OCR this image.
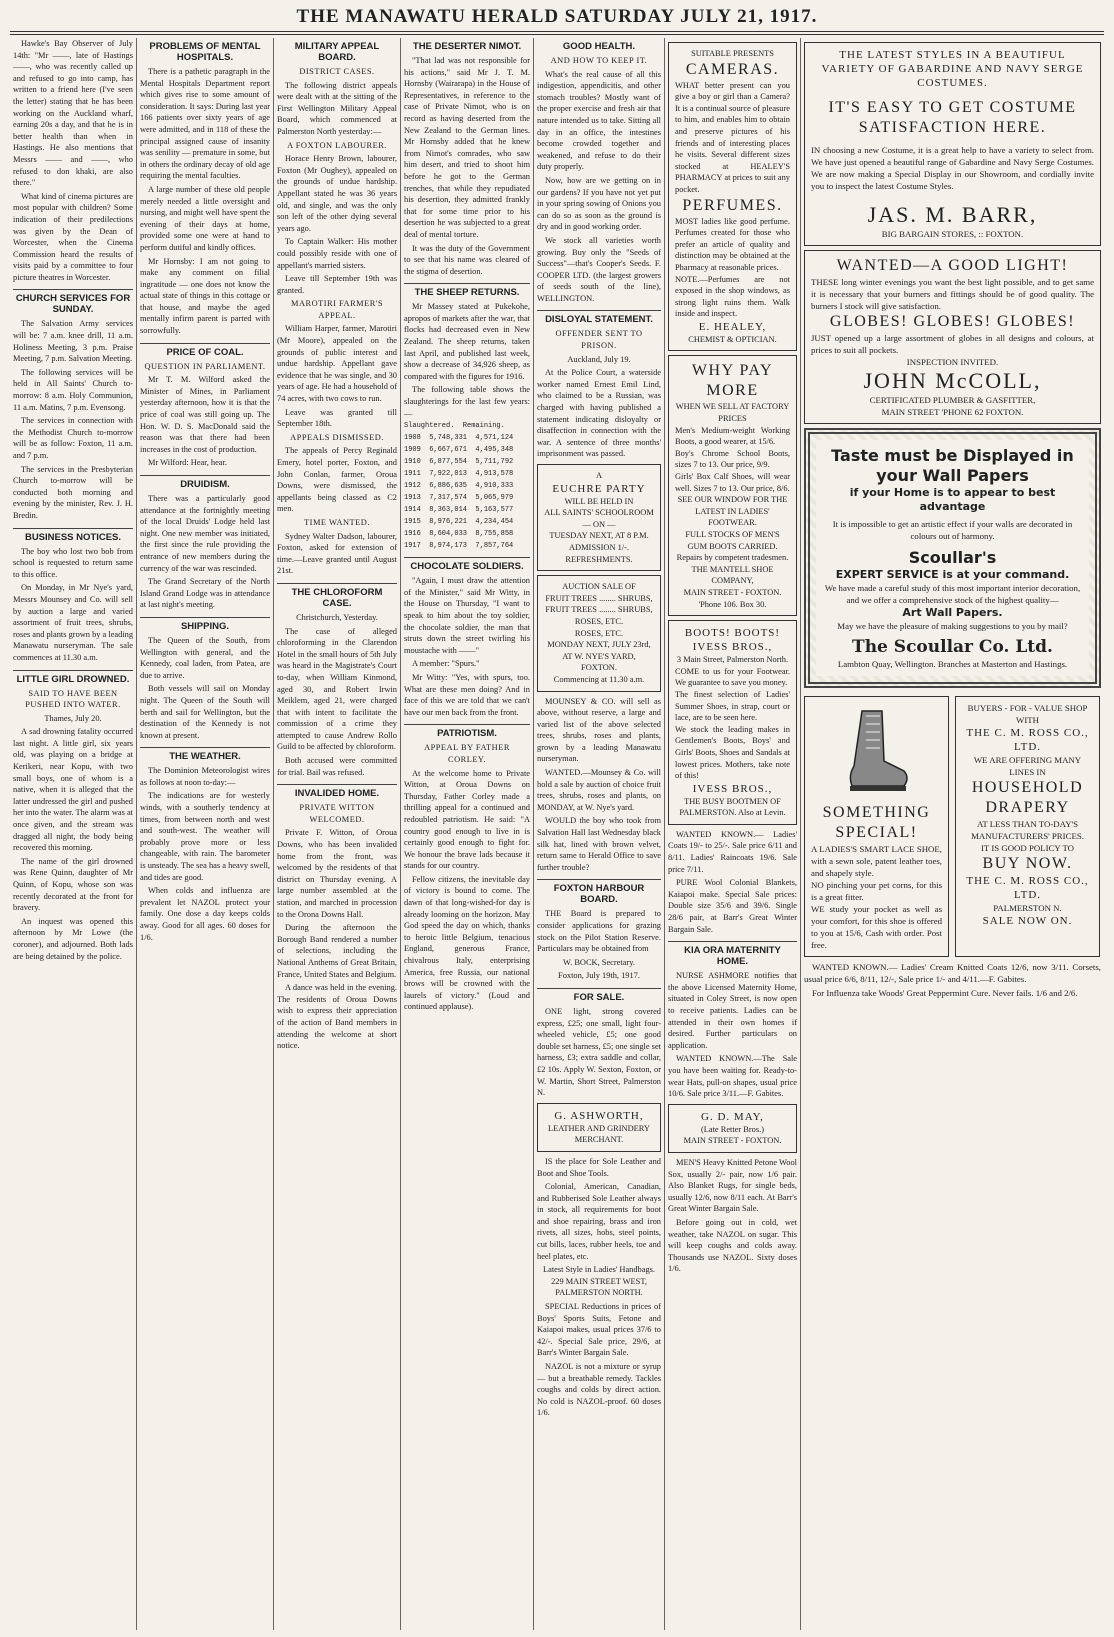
THE MANAWATU HERALD SATURDAY JULY 21, 1917.

Hawke's Bay Observer of July 14th: "Mr ——, late of Hastings ——, who was recently called up and refused to go into camp, has written to a friend here (I've seen the letter) stating that he has been working on the Auckland wharf, earning 20s a day, and that he is in better health than when in Hastings. He also mentions that Messrs —— and ——, who refused to don khaki, are also there."

What kind of cinema pictures are most popular with children? Some indication of their predilections was given by the Dean of Worcester, when the Cinema Commission heard the results of visits paid by a committee to four picture theatres in Worcester.

CHURCH SERVICES FOR SUNDAY.

The Salvation Army services will be: 7 a.m. knee drill, 11 a.m. Holiness Meeting, 3 p.m. Praise Meeting, 7 p.m. Salvation Meeting.

The following services will be held in All Saints' Church to-morrow: 8 a.m. Holy Communion, 11 a.m. Matins, 7 p.m. Evensong.

The services in connection with the Methodist Church to-morrow will be as follow: Foxton, 11 a.m. and 7 p.m.

The services in the Presbyterian Church to-morrow will be conducted both morning and evening by the minister, Rev. J. H. Bredin.

BUSINESS NOTICES.

The boy who lost two bob from school is requested to return same to this office.

On Monday, in Mr Nye's yard, Messrs Mounsey and Co. will sell by auction a large and varied assortment of fruit trees, shrubs, roses and plants grown by a leading Manawatu nurseryman. The sale commences at 11.30 a.m.

LITTLE GIRL DROWNED.
SAID TO HAVE BEEN PUSHED INTO WATER.

Thames, July 20.

A sad drowning fatality occurred last night. A little girl, six years old, was playing on a bridge at Kerikeri, near Kopu, with two small boys, one of whom is a native, when it is alleged that the latter undressed the girl and pushed her into the water. The alarm was at once given, and the stream was dragged all night, the body being recovered this morning.

The name of the girl drowned was Rene Quinn, daughter of Mr Quinn, of Kopu, whose son was recently decorated at the front for bravery.

An inquest was opened this afternoon by Mr Lowe (the coroner), and adjourned. Both lads are being detained by the police.

PROBLEMS OF MENTAL HOSPITALS.

There is a pathetic paragraph in the Mental Hospitals Department report which gives rise to some amount of consideration. It says: During last year 166 patients over sixty years of age were admitted, and in 118 of these the principal assigned cause of insanity was senility — premature in some, but in others the ordinary decay of old age requiring the mental faculties.

A large number of these old people merely needed a little oversight and nursing, and might well have spent the evening of their days at home, provided some one were at hand to perform dutiful and kindly offices.

Mr Hornsby: I am not going to make any comment on filial ingratitude — one does not know the actual state of things in this cottage or that house, and maybe the aged mentally infirm parent is parted with sorrowfully.

PRICE OF COAL.
QUESTION IN PARLIAMENT.

Mr T. M. Wilford asked the Minister of Mines, in Parliament yesterday afternoon, how it is that the price of coal was still going up. The Hon. W. D. S. MacDonald said the reason was that there had been increases in the cost of production.

Mr Wilford: Hear, hear.

DRUIDISM.

There was a particularly good attendance at the fortnightly meeting of the local Druids' Lodge held last night. One new member was initiated, the first since the rule providing the entrance of new members during the currency of the war was rescinded.

The Grand Secretary of the North Island Grand Lodge was in attendance at last night's meeting.

SHIPPING.

The Queen of the South, from Wellington with general, and the Kennedy, coal laden, from Patea, are due to arrive.

Both vessels will sail on Monday night. The Queen of the South will berth and sail for Wellington, but the destination of the Kennedy is not known at present.

THE WEATHER.

The Dominion Meteorologist wires as follows at noon to-day:—

The indications are for westerly winds, with a southerly tendency at times, from between north and west and south-west. The weather will probably prove more or less changeable, with rain. The barometer is unsteady. The sea has a heavy swell, and tides are good.

When colds and influenza are prevalent let NAZOL protect your family. One dose a day keeps colds away. Good for all ages. 60 doses for 1/6.

MILITARY APPEAL BOARD.
DISTRICT CASES.

The following district appeals were dealt with at the sitting of the First Wellington Military Appeal Board, which commenced at Palmerston North yesterday:—

A FOXTON LABOURER.

Horace Henry Brown, labourer, Foxton (Mr Oughey), appealed on the grounds of undue hardship. Appellant stated he was 36 years old, and single, and was the only son left of the other dying several years ago.

To Captain Walker: His mother could possibly reside with one of appellant's married sisters.

Leave till September 19th was granted.

MAROTIRI FARMER'S APPEAL.

William Harper, farmer, Marotiri (Mr Moore), appealed on the grounds of public interest and undue hardship. Appellant gave evidence that he was single, and 30 years of age. He had a household of 74 acres, with two cows to run.

Leave was granted till September 18th.

APPEALS DISMISSED.

The appeals of Percy Reginald Emery, hotel porter, Foxton, and John Conlan, farmer, Oroua Downs, were dismissed, the appellants being classed as C2 men.

TIME WANTED.

Sydney Walter Dadson, labourer, Foxton, asked for extension of time.—Leave granted until August 21st.

THE CHLOROFORM CASE.

Christchurch, Yesterday.

The case of alleged chloroforming in the Clarendon Hotel in the small hours of 5th July was heard in the Magistrate's Court to-day, when William Kinmond, aged 30, and Robert Irwin Meiklem, aged 21, were charged that with intent to facilitate the commission of a crime they attempted to cause Andrew Rollo Guild to be affected by chloroform.

Both accused were committed for trial. Bail was refused.

INVALIDED HOME.
PRIVATE WITTON WELCOMED.

Private F. Witton, of Oroua Downs, who has been invalided home from the front, was welcomed by the residents of that district on Thursday evening. A large number assembled at the station, and marched in procession to the Orona Downs Hall.

During the afternoon the Borough Band rendered a number of selections, including the National Anthems of Great Britain, France, United States and Belgium.

A dance was held in the evening. The residents of Oroua Downs wish to express their appreciation of the action of Band members in attending the welcome at short notice.

THE DESERTER NIMOT.

"That lad was not responsible for his actions," said Mr J. T. M. Hornsby (Wairarapa) in the House of Representatives, in reference to the case of Private Nimot, who is on record as having deserted from the New Zealand to the German lines. Mr Hornsby added that he knew from Nimot's comrades, who saw him desert, and tried to shoot him before he got to the German trenches, that while they repudiated his desertion, they admitted frankly that for some time prior to his desertion he was subjected to a great deal of mental torture.

It was the duty of the Government to see that his name was cleared of the stigma of desertion.

THE SHEEP RETURNS.

Mr Massey stated at Pukekohe, apropos of markets after the war, that flocks had decreased even in New Zealand. The sheep returns, taken last April, and published last week, show a decrease of 34,926 sheep, as compared with the figures for 1916.

The following table shows the slaughterings for the last few years:—

Slaughtered.  Remaining.

1908  5,748,331  4,571,124

1909  6,667,671  4,495,348

1910  6,877,554  5,711,792

1911  7,922,013  4,913,578

1912  6,886,635  4,910,333

1913  7,317,574  5,065,979

1914  8,363,014  5,163,577

1915  8,976,221  4,234,454

1916  8,604,033  8,755,858

1917  8,974,173  7,857,764

CHOCOLATE SOLDIERS.

"Again, I must draw the attention of the Minister," said Mr Witty, in the House on Thursday, "I want to speak to him about the toy soldier, the chocolate soldier, the man that struts down the street twirling his moustache with ——"

A member: "Spurs."

Mr Witty: "Yes, with spurs, too. What are these men doing? And in face of this we are told that we can't have our men back from the front.

PATRIOTISM.
APPEAL BY FATHER CORLEY.

At the welcome home to Private Witton, at Oroua Downs on Thursday, Father Corley made a thrilling appeal for a continued and redoubled patriotism. He said: "A country good enough to live in is certainly good enough to fight for. We honour the brave lads because it stands for our country.

Fellow citizens, the inevitable day of victory is bound to come. The dawn of that long-wished-for day is already looming on the horizon. May God speed the day on which, thanks to heroic little Belgium, tenacious England, generous France, chivalrous Italy, enterprising America, free Russia, our national brows will be crowned with the laurels of victory." (Loud and continued applause).

GOOD HEALTH.
AND HOW TO KEEP IT.

What's the real cause of all this indigestion, appendicitis, and other stomach troubles? Mostly want of the proper exercise and fresh air that nature intended us to take. Sitting all day in an office, the intestines become crowded together and weakened, and refuse to do their duty properly.

Now, how are we getting on in our gardens? If you have not yet put in your spring sowing of Onions you can do so as soon as the ground is dry and in good working order.

We stock all varieties worth growing. Buy only the "Seeds of Success"—that's Cooper's Seeds. F. COOPER LTD. (the largest growers of seeds south of the line), WELLINGTON.

DISLOYAL STATEMENT.
OFFENDER SENT TO PRISON.

Auckland, July 19.

At the Police Court, a waterside worker named Ernest Emil Lind, who claimed to be a Russian, was charged with having published a statement indicating disloyalty or disaffection in connection with the war. A sentence of three months' imprisonment was passed.

A
EUCHRE PARTY
WILL BE HELD IN
ALL SAINTS' SCHOOLROOM
— ON —
TUESDAY NEXT, AT 8 P.M.
ADMISSION 1/-. REFRESHMENTS.
AUCTION SALE OF
FRUIT TREES ........ SHRUBS,
FRUIT TREES ........ SHRUBS,
ROSES, ETC.
ROSES, ETC.
MONDAY NEXT, JULY 23rd,
AT W. NYE'S YARD, FOXTON.
Commencing at 11.30 a.m.

MOUNSEY & CO. will sell as above, without reserve, a large and varied list of the above selected trees, shrubs, roses and plants, grown by a leading Manawatu nurseryman.

WANTED.—Mounsey & Co. will hold a sale by auction of choice fruit trees, shrubs, roses and plants, on MONDAY, at W. Nye's yard.

WOULD the boy who took from Salvation Hall last Wednesday black silk hat, lined with brown velvet, return same to Herald Office to save further trouble?

FOXTON HARBOUR BOARD.

THE Board is prepared to consider applications for grazing stock on the Pilot Station Reserve. Particulars may be obtained from

W. BOCK, Secretary.

Foxton, July 19th, 1917.

FOR SALE.

ONE light, strong covered express, £25; one small, light four-wheeled vehicle, £5; one good double set harness, £5; one single set harness, £3; extra saddle and collar, £2 10s. Apply W. Sexton, Foxton, or W. Martin, Short Street, Palmerston N.

G. ASHWORTH,
LEATHER AND GRINDERY MERCHANT.

IS the place for Sole Leather and Boot and Shoe Tools.

Colonial, American, Canadian, and Rubberised Sole Leather always in stock, all requirements for boot and shoe repairing, brass and iron rivets, all sizes, hobs, steel points, cut bills, laces, rubber heels, toe and heel plates, etc.

Latest Style in Ladies' Handbags. 229 MAIN STREET WEST, PALMERSTON NORTH.

SPECIAL Reductions in prices of Boys' Sports Suits, Fetone and Kaiapoi makes, usual prices 37/6 to 42/-. Special Sale price, 29/6, at Barr's Winter Bargain Sale.

NAZOL is not a mixture or syrup — but a breathable remedy. Tackles coughs and colds by direct action. No cold is NAZOL-proof. 60 doses 1/6.

SUITABLE PRESENTS
CAMERAS.
WHAT better present can you give a boy or girl than a Camera? It is a continual source of pleasure to him, and enables him to obtain and preserve pictures of his friends and of interesting places he visits. Several different sizes stocked at HEALEY'S PHARMACY at prices to suit any pocket.
PERFUMES.
MOST ladies like good perfume. Perfumes created for those who prefer an article of quality and distinction may be obtained at the Pharmacy at reasonable prices.
NOTE.—Perfumes are not exposed in the shop windows, as strong light ruins them. Walk inside and inspect.
E. HEALEY,
CHEMIST & OPTICIAN.
WHY PAY
MORE
WHEN WE SELL AT FACTORY PRICES
Men's Medium-weight Working Boots, a good wearer, at 15/6.
Boy's Chrome School Boots, sizes 7 to 13. Our price, 9/9.
Girls' Box Calf Shoes, will wear well. Sizes 7 to 13. Our price, 8/6.
SEE OUR WINDOW FOR THE LATEST IN LADIES' FOOTWEAR.
FULL STOCKS OF MEN'S GUM BOOTS CARRIED.
Repairs by competent tradesmen.
THE MANTELL SHOE COMPANY,
MAIN STREET - FOXTON.
'Phone 106. Box 30.
BOOTS! BOOTS!
IVESS BROS.,
3 Main Street, Palmerston North.
COME to us for your Footwear. We guarantee to save you money.
The finest selection of Ladies' Summer Shoes, in strap, court or lace, are to be seen here.
We stock the leading makes in Gentlemen's Boots, Boys' and Girls' Boots, Shoes and Sandals at lowest prices. Mothers, take note of this!
IVESS BROS.,
THE BUSY BOOTMEN OF PALMERSTON. Also at Levin.

WANTED KNOWN.— Ladies' Coats 19/- to 25/-. Sale price 6/11 and 8/11. Ladies' Raincoats 19/6. Sale price 7/11.

PURE Wool Colonial Blankets, Kaiapoi make. Special Sale prices: Double size 35/6 and 39/6. Single 28/6 pair, at Barr's Great Winter Bargain Sale.

KIA ORA MATERNITY HOME.

NURSE ASHMORE notifies that the above Licensed Maternity Home, situated in Coley Street, is now open to receive patients. Ladies can be attended in their own homes if desired. Further particulars on application.

WANTED KNOWN.—The Sale you have been waiting for. Ready-to-wear Hats, pull-on shapes, usual price 10/6. Sale price 3/11.—F. Gabites.

G. D. MAY,
(Late Retter Bros.)
MAIN STREET - FOXTON.

MEN'S Heavy Knitted Petone Wool Sox, usually 2/- pair, now 1/6 pair. Also Blanket Rugs, for single beds, usually 12/6, now 8/11 each. At Barr's Great Winter Bargain Sale.

Before going out in cold, wet weather, take NAZOL on sugar. This will keep coughs and colds away. Thousands use NAZOL. Sixty doses 1/6.

THE LATEST STYLES IN A BEAUTIFUL VARIETY OF GABARDINE AND NAVY SERGE COSTUMES.
IT'S EASY TO GET COSTUME SATISFACTION HERE.
IN choosing a new Costume, it is a great help to have a variety to select from. We have just opened a beautiful range of Gabardine and Navy Serge Costumes. We are now making a Special Display in our Showroom, and cordially invite you to inspect the latest Costume Styles.
JAS. M. BARR,
BIG BARGAIN STORES, :: FOXTON.
WANTED—A GOOD LIGHT!
THESE long winter evenings you want the best light possible, and to get same it is necessary that your burners and fittings should be of good quality. The burners I stock will give satisfaction.
GLOBES! GLOBES! GLOBES!
JUST opened up a large assortment of globes in all designs and colours, at prices to suit all pockets.
INSPECTION INVITED.
JOHN McCOLL,
CERTIFICATED PLUMBER & GASFITTER,
MAIN STREET 'PHONE 62 FOXTON.
Taste must be Displayed in your Wall Papers
if your Home is to appear to best advantage
It is impossible to get an artistic effect if your walls are decorated in colours out of harmony.
Scoullar's
EXPERT SERVICE is at your command.
We have made a careful study of this most important interior decoration, and we offer a comprehensive stock of the highest quality—
Art Wall Papers.
May we have the pleasure of making suggestions to you by mail?
The Scoullar Co. Ltd.
Lambton Quay, Wellington. Branches at Masterton and Hastings.
SOMETHING SPECIAL!
A LADIES'S SMART LACE SHOE, with a sewn sole, patent leather toes, and shapely style.
NO pinching your pet corns, for this is a great fitter.
WE study your pocket as well as your comfort, for this shoe is offered to you at 15/6, Cash with order. Post free.
BUYERS - FOR - VALUE SHOP WITH
THE C. M. ROSS CO., LTD.
WE ARE OFFERING MANY LINES IN
HOUSEHOLD DRAPERY
AT LESS THAN TO-DAY'S MANUFACTURERS' PRICES.
IT IS GOOD POLICY TO
BUY NOW.
THE C. M. ROSS CO., LTD.
PALMERSTON N.
SALE NOW ON.

WANTED KNOWN.— Ladies' Cream Knitted Coats 12/6, now 3/11. Corsets, usual price 6/6, 8/11, 12/-, Sale price 1/- and 4/11.—F. Gabites.

For Influenza take Woods' Great Peppermint Cure. Never fails. 1/6 and 2/6.
